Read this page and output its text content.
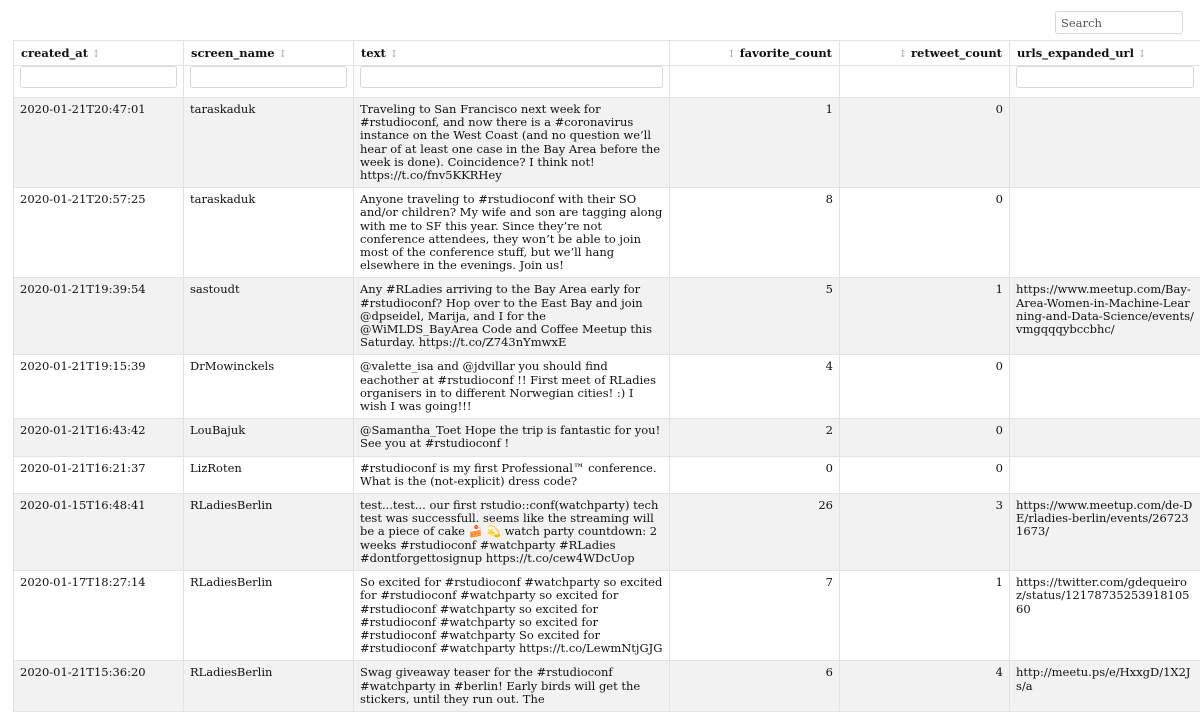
Search
created_at ↕	screen_name ↕	text ↕	↕ favorite_count	↕ retweet_count	urls_expanded_url ↕

2020-01-21T20:47:01	taraskaduk	Traveling to San Francisco next week for #rstudioconf, and now there is a #coronavirus instance on the West Coast (and no question we’ll hear of at least one case in the Bay Area before the week is done). Coincidence? I think not! https://t.co/fnv5KKRHey	1	0	
2020-01-21T20:57:25	taraskaduk	Anyone traveling to #rstudioconf with their SO and/or children? My wife and son are tagging along with me to SF this year. Since they’re not conference attendees, they won’t be able to join most of the conference stuff, but we’ll hang elsewhere in the evenings. Join us!	8	0	
2020-01-21T19:39:54	sastoudt	Any #RLadies arriving to the Bay Area early for #rstudioconf? Hop over to the East Bay and join @dpseidel, Marija, and I for the @WiMLDS_BayArea Code and Coffee Meetup this Saturday. https://t.co/Z743nYmwxE	5	1	https://www.meetup.com/Bay-Area-Women-in-Machine-Learning-and-Data-Science/events/vmgqqqybccbhc/
2020-01-21T19:15:39	DrMowinckels	@valette_isa and @jdvillar you should find eachother at #rstudioconf !! First meet of RLadies organisers in to different Norwegian cities! :) I wish I was going!!!	4	0	
2020-01-21T16:43:42	LouBajuk	@Samantha_Toet Hope the trip is fantastic for you! See you at #rstudioconf !	2	0	
2020-01-21T16:21:37	LizRoten	#rstudioconf is my first Professional™ conference. What is the (not-explicit) dress code?	0	0	
2020-01-15T16:48:41	RLadiesBerlin	test...test... our first rstudio::conf(watchparty) tech test was successfull. seems like the streaming will be a piece of cake 🍰 💫 watch party countdown: 2 weeks #rstudioconf #watchparty #RLadies #dontforgettosignup https://t.co/cew4WDcUop	26	3	https://www.meetup.com/de-DE/rladies-berlin/events/267231673/
2020-01-17T18:27:14	RLadiesBerlin	So excited for #rstudioconf #watchparty so excited for #rstudioconf #watchparty so excited for #rstudioconf #watchparty so excited for #rstudioconf #watchparty so excited for #rstudioconf #watchparty So excited for #rstudioconf #watchparty https://t.co/LewmNtjGJG	7	1	https://twitter.com/gdequeiroz/status/1217873525391810560
2020-01-21T15:36:20	RLadiesBerlin	Swag giveaway teaser for the #rstudioconf #watchparty in #berlin! Early birds will get the stickers, until they run out. The	6	4	http://meetu.ps/e/HxxgD/1X2Js/a
